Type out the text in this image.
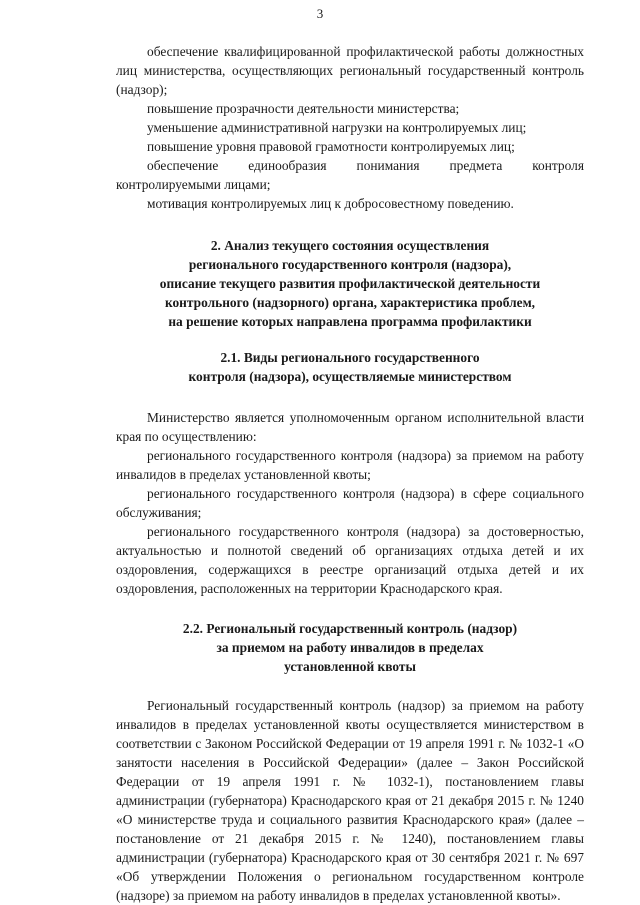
3

обеспечение квалифицированной профилактической работы должностных лиц министерства, осуществляющих региональный государственный контроль (надзор);

повышение прозрачности деятельности министерства;

уменьшение административной нагрузки на контролируемых лиц;

повышение уровня правовой грамотности контролируемых лиц;

обеспечение единообразия понимания предмета контроля контролируемыми лицами;

мотивация контролируемых лиц к добросовестному поведению.

2. Анализ текущего состояния осуществления
регионального государственного контроля (надзора),
описание текущего развития профилактической деятельности
контрольного (надзорного) органа, характеристика проблем,
на решение которых направлена программа профилактики
2.1. Виды регионального государственного
контроля (надзора), осуществляемые министерством

Министерство является уполномоченным органом исполнительной власти края по осуществлению:

регионального государственного контроля (надзора) за приемом на работу инвалидов в пределах установленной квоты;

регионального государственного контроля (надзора) в сфере социального обслуживания;

регионального государственного контроля (надзора) за достоверностью, актуальностью и полнотой сведений об организациях отдыха детей и их оздоровления, содержащихся в реестре организаций отдыха детей и их оздоровления, расположенных на территории Краснодарского края.

2.2. Региональный государственный контроль (надзор)
за приемом на работу инвалидов в пределах
установленной квоты

Региональный государственный контроль (надзор) за приемом на работу инвалидов в пределах установленной квоты осуществляется министерством в соответствии с Законом Российской Федерации от 19 апреля 1991 г. № 1032-1 «О занятости населения в Российской Федерации» (далее – Закон Российской Федерации от 19 апреля 1991 г. № 1032-1), постановлением главы администрации (губернатора) Краснодарского края от 21 декабря 2015 г. № 1240 «О министерстве труда и социального развития Краснодарского края» (далее – постановление от 21 декабря 2015 г. № 1240), постановлением главы администрации (губернатора) Краснодарского края от 30 сентября 2021 г. № 697 «Об утверждении Положения о региональном государственном контроле (надзоре) за приемом на работу инвалидов в пределах установленной квоты».
